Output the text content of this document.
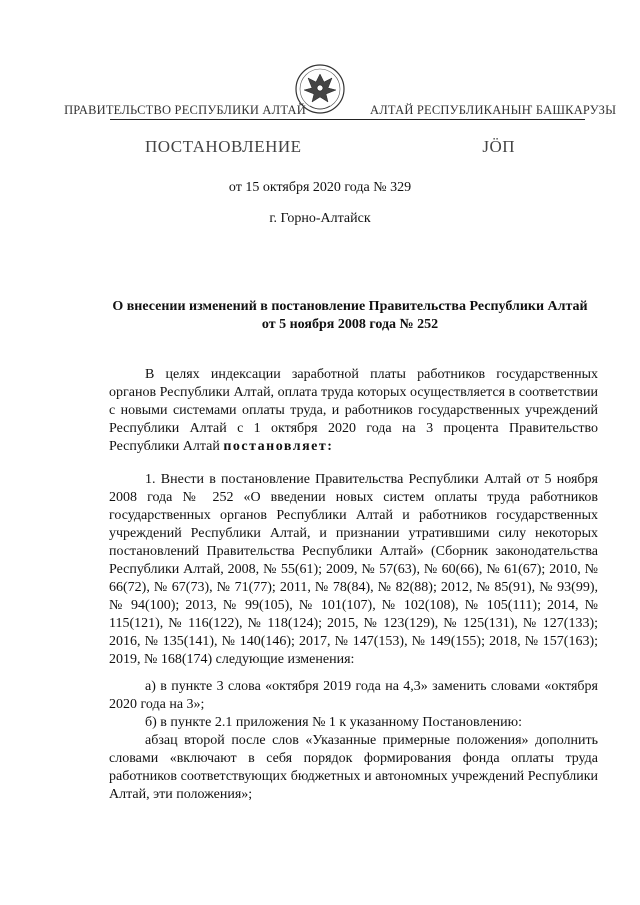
ПРАВИТЕЛЬСТВО РЕСПУБЛИКИ АЛТАЙ	АЛТАЙ РЕСПУБЛИКАНЫҤ БАШКАРУЗЫ
ПОСТАНОВЛЕНИЕ	ЈӦП
от 15 октября 2020 года № 329
г. Горно-Алтайск
О внесении изменений в постановление Правительства Республики Алтай от 5 ноября 2008 года № 252
В целях индексации заработной платы работников государственных органов Республики Алтай, оплата труда которых осуществляется в соответствии с новыми системами оплаты труда, и работников государственных учреждений Республики Алтай с 1 октября 2020 года на 3 процента Правительство Республики Алтай постановляет:
1. Внести в постановление Правительства Республики Алтай от 5 ноября 2008 года № 252 «О введении новых систем оплаты труда работников государственных органов Республики Алтай и работников государственных учреждений Республики Алтай, и признании утратившими силу некоторых постановлений Правительства Республики Алтай» (Сборник законодательства Республики Алтай, 2008, № 55(61); 2009, № 57(63), № 60(66), № 61(67); 2010, № 66(72), № 67(73), № 71(77); 2011, № 78(84), № 82(88); 2012, № 85(91), № 93(99), № 94(100); 2013, № 99(105), № 101(107), № 102(108), № 105(111); 2014, № 115(121), № 116(122), № 118(124); 2015, № 123(129), № 125(131), № 127(133); 2016, № 135(141), № 140(146); 2017, № 147(153), № 149(155); 2018, № 157(163); 2019, № 168(174) следующие изменения:
а) в пункте 3 слова «октября 2019 года на 4,3» заменить словами «октября 2020 года на 3»;
б) в пункте 2.1 приложения № 1 к указанному Постановлению:
абзац второй после слов «Указанные примерные положения» дополнить словами «включают в себя порядок формирования фонда оплаты труда работников соответствующих бюджетных и автономных учреждений Республики Алтай, эти положения»;
